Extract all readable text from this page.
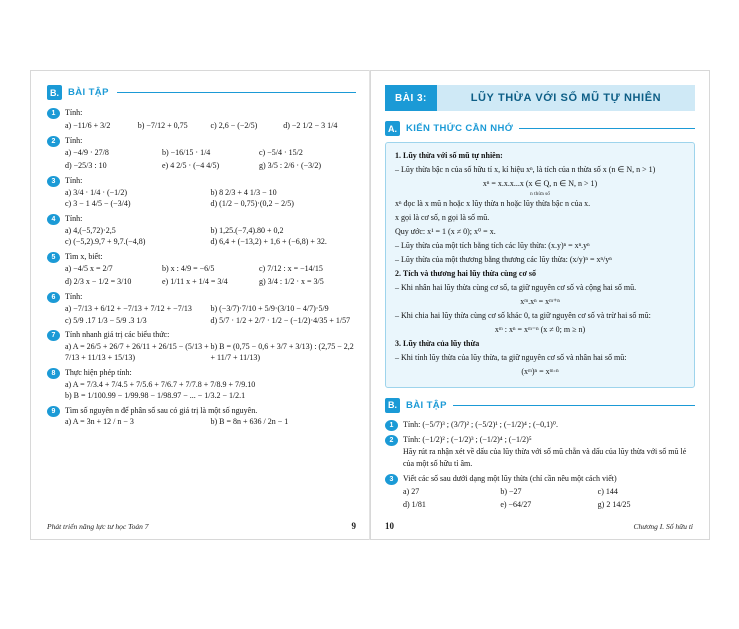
B. BÀI TẬP
1	Tính:
a) −11/6 + 3/2	b) −7/12 + 0,75	c) 2,6 − (−2/5)	d) −2 1/2 − 3 1/4
2	Tính:
a) −4/9 · 27/8	b) −16/15 · 1/4	c) −5/4 · 15/2
d) −25/3 : 10	e) 4 2/5 · (−4 4/5)	g) 3/5 : 2/6 · (−3/2)
3	Tính:
a) 3/4 · 1/4 · (−1/2)	b) 8 2/3 + 4 1/3 − 10
c) 3 − 1 4/5 − (−3/4)	d) (1/2 − 0,75)·(0,2 − 2/5)
4	Tính:
a) 4,(−5,72)·2,5	b) 1,25.(−7,4).80 + 0,2
c) (−5,2).9,7 + 9,7.(−4,8)	d) 6,4 + (−13,2) + 1,6 + (−6,8) + 32.
5	Tìm x, biết:
a) −4/5 x = 2/7	b) x : 4/9 = −6/5	c) 7/12 : x = −14/15
d) 2/3 x − 1/2 = 3/10	e) 1/11 x + 1/4 = 3/4	g) 3/4 : 1/2 · x = 3/5
6	Tính:
a) −7/13 + 6/12 + −7/13 + 7/12 + −7/13	b) (−3/7)·7/10 + 5/9·(3/10 − 4/7)·5/9
c) 5/9 .17 1/3 − 5/9 .3 1/3	d) 5/7 · 1/2 + 2/7 · 1/2 − (−1/2)·4/35 + 1/57
7	Tính nhanh giá trị các biểu thức:
a) A = 26/5 + 26/7 + 26/11 + 26/15 − (5/13 + 7/13 + 11/13 + 15/13)
b) B = (0,75 − 0,6 + 3/7 + 3/13) : (2,75 − 2,2 + 11/7 + 11/13)
8	Thực hiện phép tính:
a) A = 7/3.4 + 7/4.5 + 7/5.6 + 7/6.7 + 7/7.8 + 7/8.9 + 7/9.10
b) B = 1/100.99 − 1/99.98 − 1/98.97 − ... − 1/3.2 − 1/2.1
9	Tìm số nguyên n để phân số sau có giá trị là một số nguyên.
a) A = 3n + 12 / n − 3	b) B = 8n + 636 / 2n − 1
Phát triển năng lực tư học Toán 7	9
BÀI 3:	LŨY THỪA VỚI SỐ MŨ TỰ NHIÊN
A. KIẾN THỨC CẦN NHỚ
1. Lũy thừa với số mũ tự nhiên:

– Lũy thừa bậc n của số hữu tỉ x, kí hiệu xⁿ, là tích của n thừa số x (n ∈ N, n > 1)

xⁿ = x.x.x...x (x ∈ Q, n ∈ N, n > 1)

n thừa số

xⁿ đọc là x mũ n hoặc x lũy thừa n hoặc lũy thừa bậc n của x.

x gọi là cơ số, n gọi là số mũ.

Quy ước: x¹ = 1 (x ≠ 0); x⁰ = x.

– Lũy thừa của một tích bằng tích các lũy thừa: (x.y)ⁿ = xⁿ.yⁿ

– Lũy thừa của một thương bằng thương các lũy thừa: (x/y)ⁿ = xⁿ/yⁿ

2. Tích và thương hai lũy thừa cùng cơ số

– Khi nhân hai lũy thừa cùng cơ số, ta giữ nguyên cơ số và cộng hai số mũ.

xᵐ.xⁿ = xᵐ⁺ⁿ

– Khi chia hai lũy thừa cùng cơ số khác 0, ta giữ nguyên cơ số và trừ hai số mũ:

xᵐ : xⁿ = xᵐ⁻ⁿ (x ≠ 0; m ≥ n)

3. Lũy thừa của lũy thừa

– Khi tính lũy thừa của lũy thừa, ta giữ nguyên cơ số và nhân hai số mũ:

(xᵐ)ⁿ = xᵐ·ⁿ

B. BÀI TẬP
1	Tính: (−5/7)³ ; (3/7)² ; (−5/2)¹ ; (−1/2)⁴ ; (−0,1)⁰.
2	Tính: (−1/2)² ; (−1/2)³ ; (−1/2)⁴ ; (−1/2)⁵
Hãy rút ra nhận xét về dấu của lũy thừa với số mũ chẵn và dấu của lũy thừa với số mũ lẻ của một số hữu tỉ âm.
3	Viết các số sau dưới dạng một lũy thừa (chỉ cần nêu một cách viết)
a) 27	b) −27	c) 144
d) 1/81	e) −64/27	g) 2 14/25
10	Chương I. Số hữu tỉ
